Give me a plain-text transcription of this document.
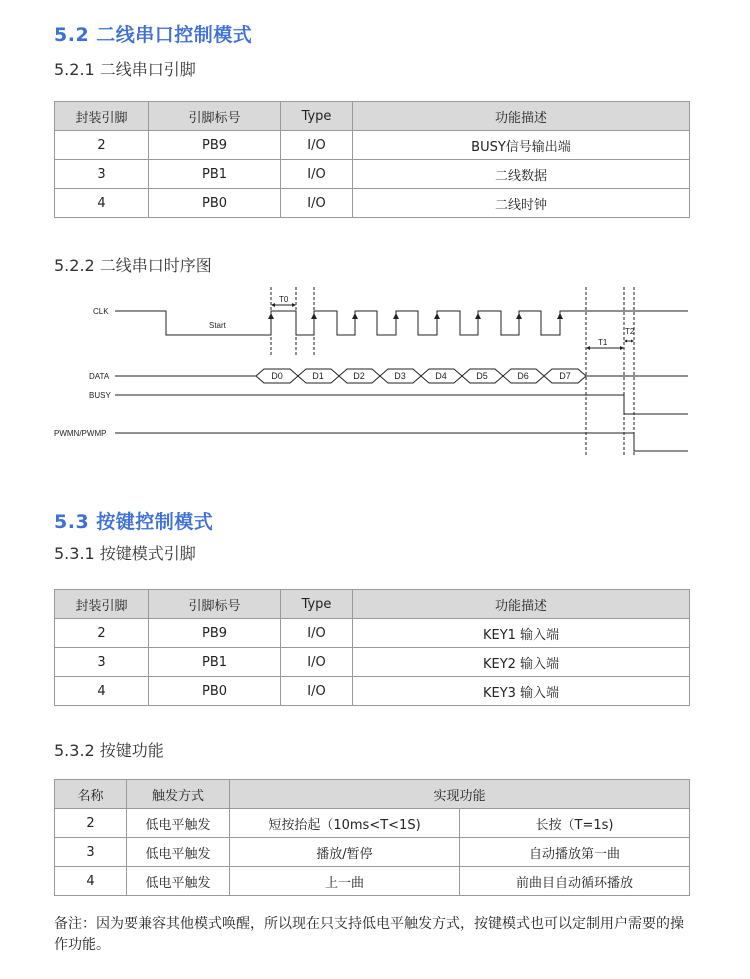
5.2 二线串口控制模式
5.2.1 二线串口引脚
封装引脚	引脚标号	Type	功能描述
2	PB9	I/O	BUSY信号输出端
3	PB1	I/O	二线数据
4	PB0	I/O	二线时钟
5.2.2 二线串口时序图
D0	D1	D2	D3	D4	D5	D6	D7
CLK
DATA
BUSY
PWMN/PWMP
Start
T0
T1
T2
5.3 按键控制模式
5.3.1 按键模式引脚
封装引脚	引脚标号	Type	功能描述
2	PB9	I/O	KEY1 输入端
3	PB1	I/O	KEY2 输入端
4	PB0	I/O	KEY3 输入端
5.3.2 按键功能
名称	触发方式	实现功能	
2	低电平触发	短按抬起（10ms<T<1S)	长按（T=1s)
3	低电平触发	播放/暂停	自动播放第一曲
4	低电平触发	上一曲	前曲目自动循环播放
备注：因为要兼容其他模式唤醒，所以现在只支持低电平触发方式，按键模式也可以定制用户需要的操作功能。
